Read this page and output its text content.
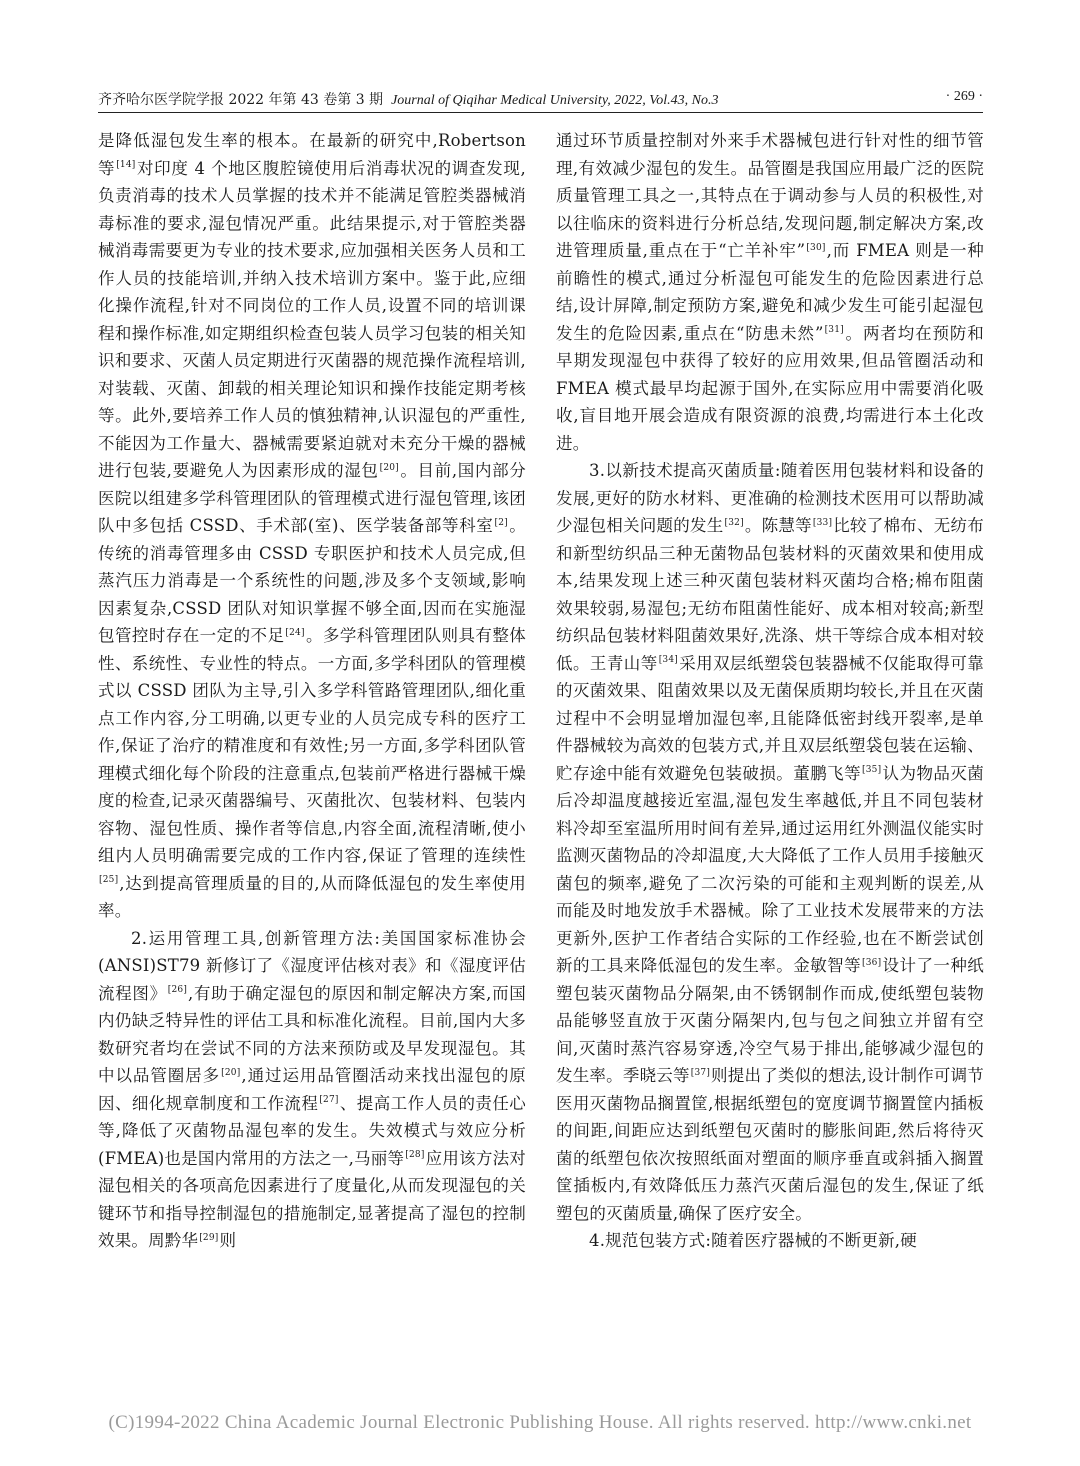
齐齐哈尔医学院学报 2022 年第 43 卷第 3 期 Journal of Qiqihar Medical University, 2022, Vol.43, No.3	· 269 ·

是降低湿包发生率的根本。在最新的研究中,Robertson 等[14]对印度 4 个地区腹腔镜使用后消毒状况的调查发现,负责消毒的技术人员掌握的技术并不能满足管腔类器械消毒标准的要求,湿包情况严重。此结果提示,对于管腔类器械消毒需要更为专业的技术要求,应加强相关医务人员和工作人员的技能培训,并纳入技术培训方案中。鉴于此,应细化操作流程,针对不同岗位的工作人员,设置不同的培训课程和操作标准,如定期组织检查包装人员学习包装的相关知识和要求、灭菌人员定期进行灭菌器的规范操作流程培训,对装载、灭菌、卸载的相关理论知识和操作技能定期考核等。此外,要培养工作人员的慎独精神,认识湿包的严重性,不能因为工作量大、器械需要紧迫就对未充分干燥的器械进行包装,要避免人为因素形成的湿包[20]。目前,国内部分医院以组建多学科管理团队的管理模式进行湿包管理,该团队中多包括 CSSD、手术部(室)、医学装备部等科室[2]。传统的消毒管理多由 CSSD 专职医护和技术人员完成,但蒸汽压力消毒是一个系统性的问题,涉及多个支领域,影响因素复杂,CSSD 团队对知识掌握不够全面,因而在实施湿包管控时存在一定的不足[24]。多学科管理团队则具有整体性、系统性、专业性的特点。一方面,多学科团队的管理模式以 CSSD 团队为主导,引入多学科管路管理团队,细化重点工作内容,分工明确,以更专业的人员完成专科的医疗工作,保证了治疗的精准度和有效性;另一方面,多学科团队管理模式细化每个阶段的注意重点,包装前严格进行器械干燥度的检查,记录灭菌器编号、灭菌批次、包装材料、包装内容物、湿包性质、操作者等信息,内容全面,流程清晰,使小组内人员明确需要完成的工作内容,保证了管理的连续性[25],达到提高管理质量的目的,从而降低湿包的发生率使用率。

2.运用管理工具,创新管理方法:美国国家标准协会(ANSI)ST79 新修订了《湿度评估核对表》和《湿度评估流程图》[26],有助于确定湿包的原因和制定解决方案,而国内仍缺乏特异性的评估工具和标准化流程。目前,国内大多数研究者均在尝试不同的方法来预防或及早发现湿包。其中以品管圈居多[20],通过运用品管圈活动来找出湿包的原因、细化规章制度和工作流程[27]、提高工作人员的责任心等,降低了灭菌物品湿包率的发生。失效模式与效应分析(FMEA)也是国内常用的方法之一,马丽等[28]应用该方法对湿包相关的各项高危因素进行了度量化,从而发现湿包的关键环节和指导控制湿包的措施制定,显著提高了湿包的控制效果。周黔华[29]则

通过环节质量控制对外来手术器械包进行针对性的细节管理,有效减少湿包的发生。品管圈是我国应用最广泛的医院质量管理工具之一,其特点在于调动参与人员的积极性,对以往临床的资料进行分析总结,发现问题,制定解决方案,改进管理质量,重点在于“亡羊补牢”[30],而 FMEA 则是一种前瞻性的模式,通过分析湿包可能发生的危险因素进行总结,设计屏障,制定预防方案,避免和减少发生可能引起湿包发生的危险因素,重点在“防患未然”[31]。两者均在预防和早期发现湿包中获得了较好的应用效果,但品管圈活动和 FMEA 模式最早均起源于国外,在实际应用中需要消化吸收,盲目地开展会造成有限资源的浪费,均需进行本土化改进。

3.以新技术提高灭菌质量:随着医用包装材料和设备的发展,更好的防水材料、更准确的检测技术医用可以帮助减少湿包相关问题的发生[32]。陈慧等[33]比较了棉布、无纺布和新型纺织品三种无菌物品包装材料的灭菌效果和使用成本,结果发现上述三种灭菌包装材料灭菌均合格;棉布阻菌效果较弱,易湿包;无纺布阻菌性能好、成本相对较高;新型纺织品包装材料阻菌效果好,洗涤、烘干等综合成本相对较低。王青山等[34]采用双层纸塑袋包装器械不仅能取得可靠的灭菌效果、阻菌效果以及无菌保质期均较长,并且在灭菌过程中不会明显增加湿包率,且能降低密封线开裂率,是单件器械较为高效的包装方式,并且双层纸塑袋包装在运输、贮存途中能有效避免包装破损。董鹏飞等[35]认为物品灭菌后冷却温度越接近室温,湿包发生率越低,并且不同包装材料冷却至室温所用时间有差异,通过运用红外测温仪能实时监测灭菌物品的冷却温度,大大降低了工作人员用手接触灭菌包的频率,避免了二次污染的可能和主观判断的误差,从而能及时地发放手术器械。除了工业技术发展带来的方法更新外,医护工作者结合实际的工作经验,也在不断尝试创新的工具来降低湿包的发生率。金敏智等[36]设计了一种纸塑包装灭菌物品分隔架,由不锈钢制作而成,使纸塑包装物品能够竖直放于灭菌分隔架内,包与包之间独立并留有空间,灭菌时蒸汽容易穿透,冷空气易于排出,能够减少湿包的发生率。季晓云等[37]则提出了类似的想法,设计制作可调节医用灭菌物品搁置筐,根据纸塑包的宽度调节搁置筐内插板的间距,间距应达到纸塑包灭菌时的膨胀间距,然后将待灭菌的纸塑包依次按照纸面对塑面的顺序垂直或斜插入搁置筐插板内,有效降低压力蒸汽灭菌后湿包的发生,保证了纸塑包的灭菌质量,确保了医疗安全。

4.规范包装方式:随着医疗器械的不断更新,硬

(C)1994-2022 China Academic Journal Electronic Publishing House. All rights reserved. http://www.cnki.net
